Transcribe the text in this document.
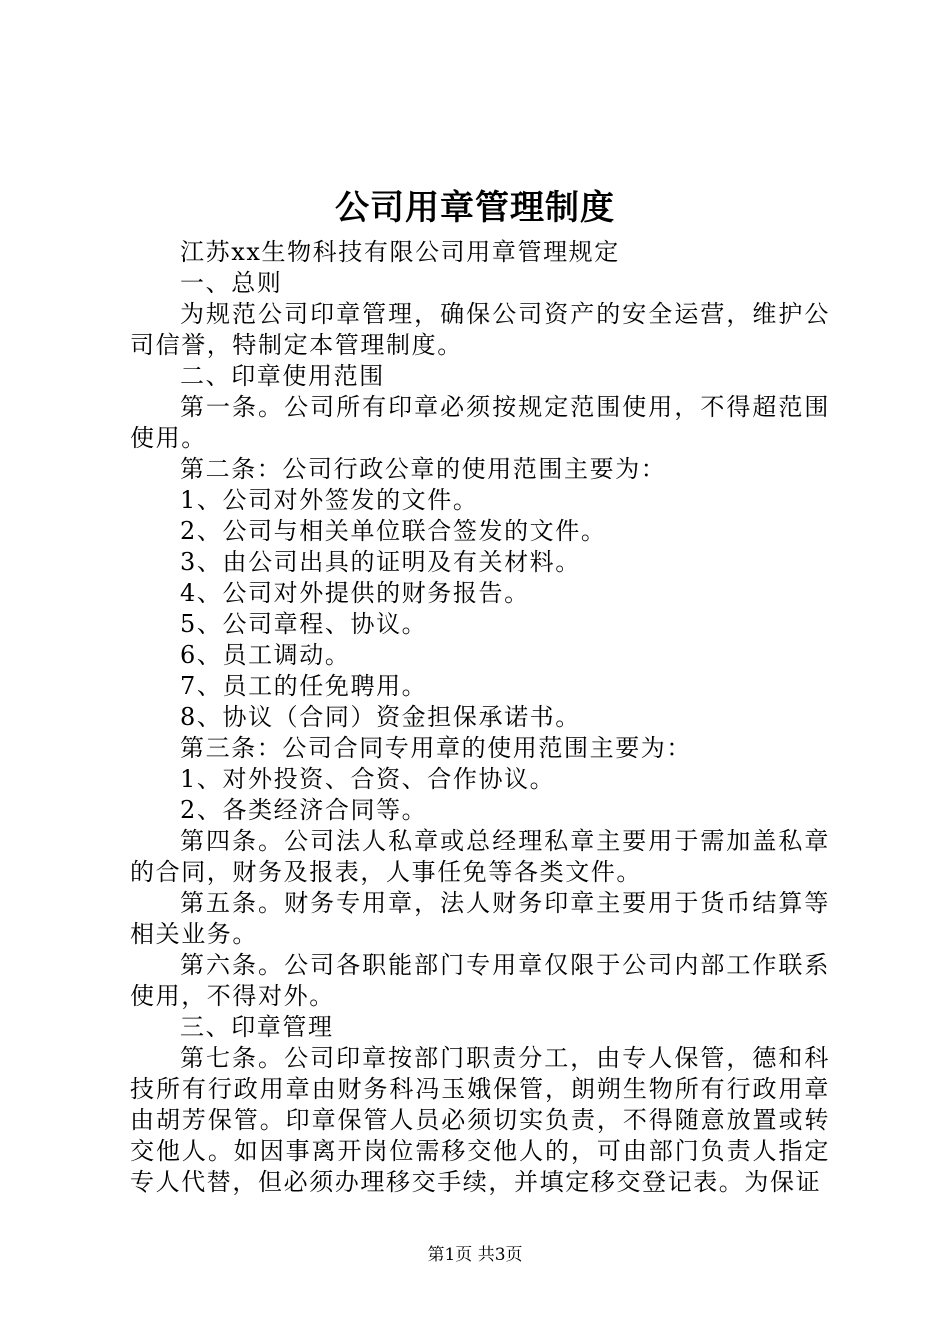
公司用章管理制度

江苏xx生物科技有限公司用章管理规定

一、总则

为规范公司印章管理，确保公司资产的安全运营，维护公司信誉，特制定本管理制度。

二、印章使用范围

第一条。公司所有印章必须按规定范围使用，不得超范围使用。

第二条：公司行政公章的使用范围主要为：

1、公司对外签发的文件。

2、公司与相关单位联合签发的文件。

3、由公司出具的证明及有关材料。

4、公司对外提供的财务报告。

5、公司章程、协议。

6、员工调动。

7、员工的任免聘用。

8、协议（合同）资金担保承诺书。

第三条：公司合同专用章的使用范围主要为：

1、对外投资、合资、合作协议。

2、各类经济合同等。

第四条。公司法人私章或总经理私章主要用于需加盖私章的合同，财务及报表，人事任免等各类文件。

第五条。财务专用章，法人财务印章主要用于货币结算等相关业务。

第六条。公司各职能部门专用章仅限于公司内部工作联系使用，不得对外。

三、印章管理

第七条。公司印章按部门职责分工，由专人保管，德和科技所有行政用章由财务科冯玉娥保管，朗朔生物所有行政用章由胡芳保管。印章保管人员必须切实负责，不得随意放置或转交他人。如因事离开岗位需移交他人的，可由部门负责人指定专人代替，但必须办理移交手续，并填定移交登记表。为保证

第1页 共3页
